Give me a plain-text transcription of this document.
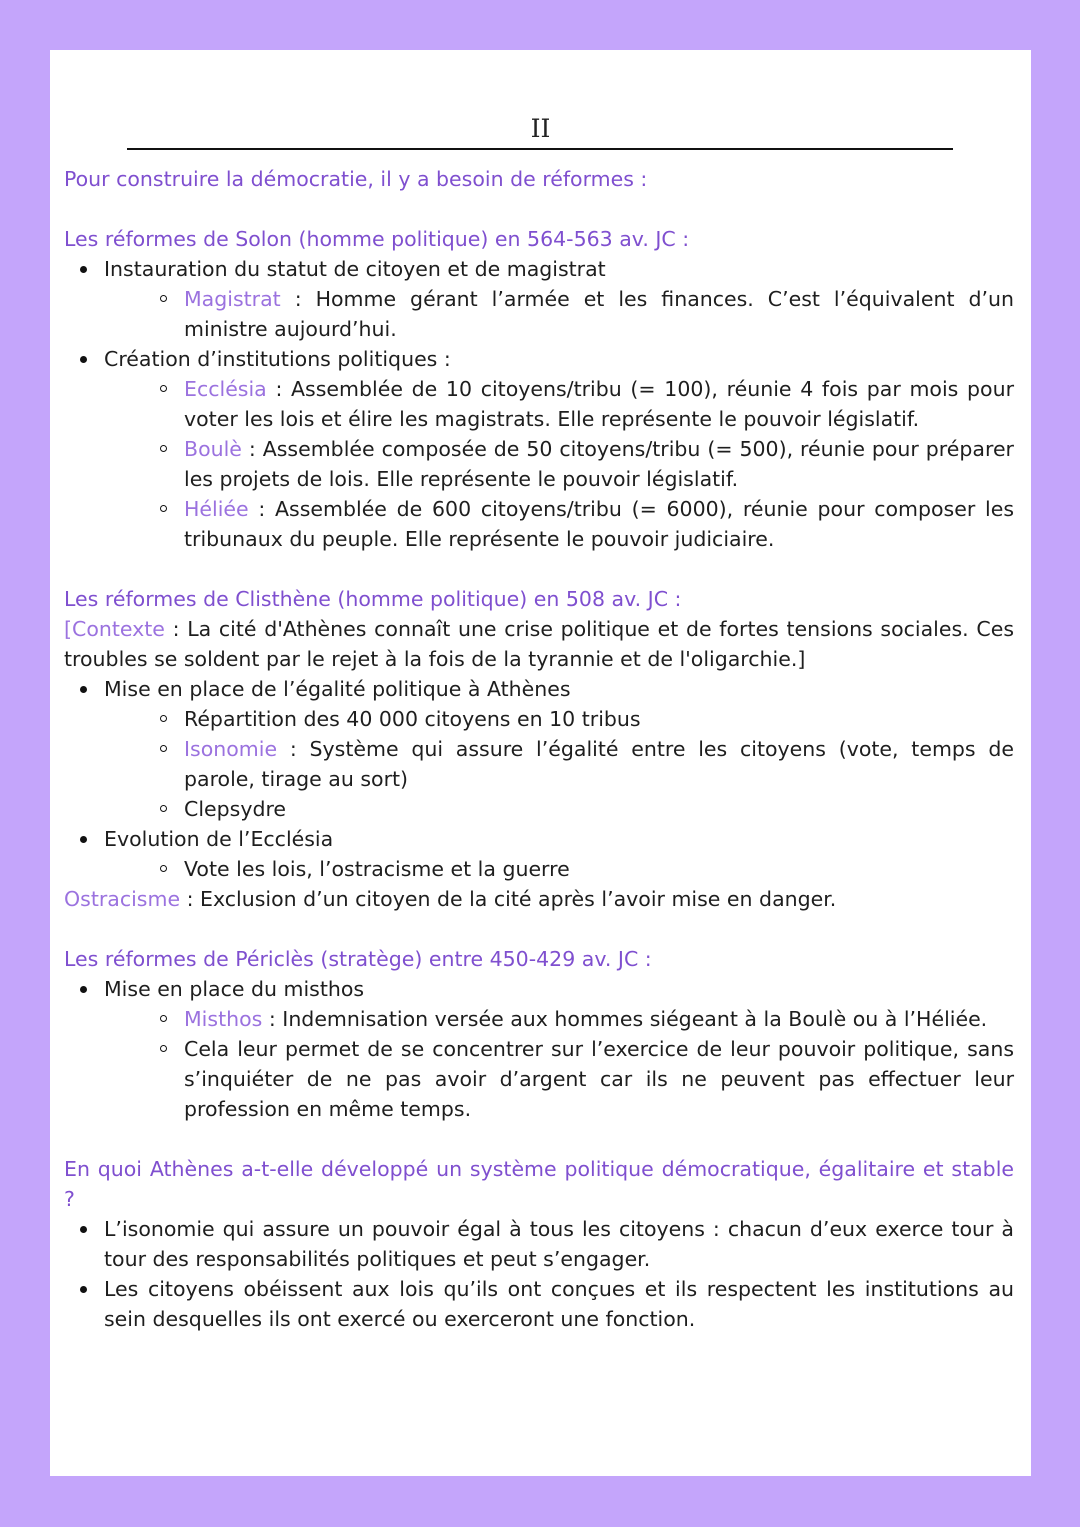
II

Pour construire la démocratie, il y a besoin de réformes :

Les réformes de Solon (homme politique) en 564-563 av. JC :

Instauration du statut de citoyen et de magistrat
Magistrat : Homme gérant l’armée et les finances. C’est l’équivalent d’un ministre aujourd’hui.
Création d’institutions politiques :
Ecclésia : Assemblée de 10 citoyens/tribu (= 100), réunie 4 fois par mois pour voter les lois et élire les magistrats. Elle représente le pouvoir législatif.
Boulè : Assemblée composée de 50 citoyens/tribu (= 500), réunie pour préparer les projets de lois. Elle représente le pouvoir législatif.
Héliée : Assemblée de 600 citoyens/tribu (= 6000), réunie pour composer les tribunaux du peuple. Elle représente le pouvoir judiciaire.

Les réformes de Clisthène (homme politique) en 508 av. JC :

[Contexte : La cité d'Athènes connaît une crise politique et de fortes tensions sociales. Ces troubles se soldent par le rejet à la fois de la tyrannie et de l'oligarchie.]

Mise en place de l’égalité politique à Athènes
Répartition des 40 000 citoyens en 10 tribus
Isonomie : Système qui assure l’égalité entre les citoyens (vote, temps de parole, tirage au sort)
Clepsydre
Evolution de l’Ecclésia
Vote les lois, l’ostracisme et la guerre

Ostracisme : Exclusion d’un citoyen de la cité après l’avoir mise en danger.

Les réformes de Périclès (stratège) entre 450-429 av. JC :

Mise en place du misthos
Misthos : Indemnisation versée aux hommes siégeant à la Boulè ou à l’Héliée.
Cela leur permet de se concentrer sur l’exercice de leur pouvoir politique, sans s’inquiéter de ne pas avoir d’argent car ils ne peuvent pas effectuer leur profession en même temps.

En quoi Athènes a-t-elle développé un système politique démocratique, égalitaire et stable ?

L’isonomie qui assure un pouvoir égal à tous les citoyens : chacun d’eux exerce tour à tour des responsabilités politiques et peut s’engager.
Les citoyens obéissent aux lois qu’ils ont conçues et ils respectent les institutions au sein desquelles ils ont exercé ou exerceront une fonction.
